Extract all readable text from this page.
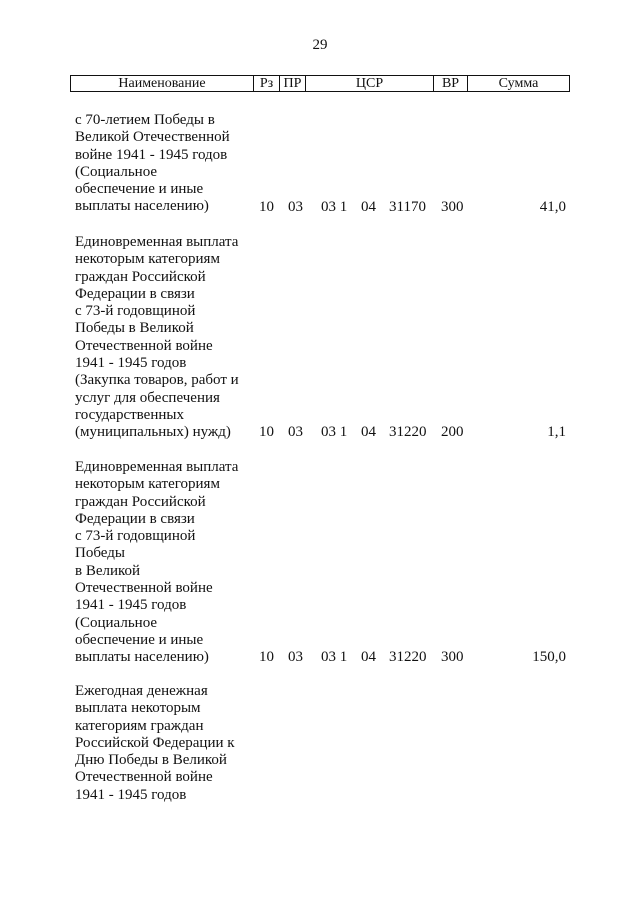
29
Наименование	Рз ПР	ЦСР	ВР	Сумма
с 70-летием Победы в
Великой Отечественной
войне 1941 - 1945 годов
(Социальное
обеспечение и иные
выплаты населению)	10 03 03 1 04 31170 300	41,0
Единовременная выплата
некоторым категориям
граждан Российской
Федерации в связи
с 73-й годовщиной
Победы в Великой
Отечественной войне
1941 - 1945 годов
(Закупка товаров, работ и
услуг для обеспечения
государственных
(муниципальных) нужд)	10 03 03 1 04 31220 200	1,1
Единовременная выплата
некоторым категориям
граждан Российской
Федерации в связи
с 73-й годовщиной
Победы
в Великой
Отечественной войне
1941 - 1945 годов
(Социальное
обеспечение и иные
выплаты населению)	10 03 03 1 04 31220 300	150,0
Ежегодная денежная
выплата некоторым
категориям граждан
Российской Федерации к
Дню Победы в Великой
Отечественной войне
1941 - 1945 годов
